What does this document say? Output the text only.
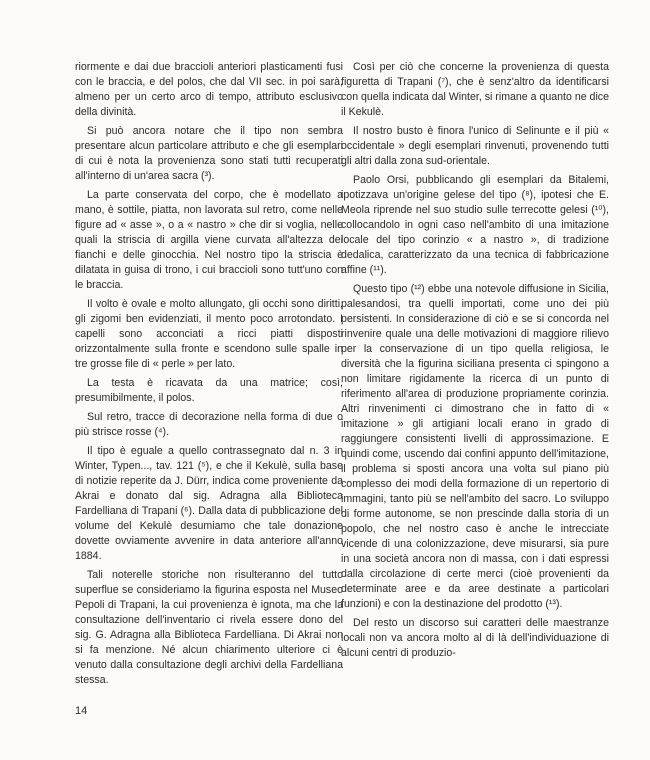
riormente e dai due braccioli anteriori plasticamenti fusi con le braccia, e del polos, che dal VII sec. in poi sarà, almeno per un certo arco di tempo, attributo esclusivo della divinità.

Si può ancora notare che il tipo non sembra presentare alcun particolare attributo e che gli esemplari di cui è nota la provenienza sono stati tutti recuperati all'interno di un'area sacra (³).

La parte conservata del corpo, che è modellato a mano, è sottile, piatta, non lavorata sul retro, come nelle figure ad « asse », o a « nastro » che dir si voglia, nelle quali la striscia di argilla viene curvata all'altezza dei fianchi e delle ginocchia. Nel nostro tipo la striscia è dilatata in guisa di trono, i cui braccioli sono tutt'uno con le braccia.

Il volto è ovale e molto allungato, gli occhi sono diritti, gli zigomi ben evidenziati, il mento poco arrotondato. I capelli sono acconciati a ricci piatti disposti orizzontalmente sulla fronte e scendono sulle spalle in tre grosse file di « perle » per lato.

La testa è ricavata da una matrice; così, presumibilmente, il polos.

Sul retro, tracce di decorazione nella forma di due o più strisce rosse (⁴).

Il tipo è eguale a quello contrassegnato dal n. 3 in Winter, Typen..., tav. 121 (⁵), e che il Kekulè, sulla base di notizie reperite da J. Dürr, indica come proveniente da Akrai e donato dal sig. Adragna alla Biblioteca Fardelliana di Trapani (⁶). Dalla data di pubblicazione del volume del Kekulè desumiamo che tale donazione dovette ovviamente avvenire in data anteriore all'anno 1884.

Tali noterelle storiche non risulteranno del tutto superflue se consideriamo la figurina esposta nel Museo Pepoli di Trapani, la cui provenienza è ignota, ma che la consultazione dell'inventario ci rivela essere dono del sig. G. Adragna alla Biblioteca Fardelliana. Di Akrai non si fa menzione. Né alcun chiarimento ulteriore ci è venuto dalla consultazione degli archivi della Fardelliana stessa.

Così per ciò che concerne la provenienza di questa figuretta di Trapani (⁷), che è senz'altro da identificarsi con quella indicata dal Winter, si rimane a quanto ne dice il Kekulè.

Il nostro busto è finora l'unico di Selinunte e il più « occidentale » degli esemplari rinvenuti, provenendo tutti gli altri dalla zona sud-orientale.

Paolo Orsi, pubblicando gli esemplari da Bitalemi, ipotizzava un'origine gelese del tipo (⁸), ipotesi che E. Meola riprende nel suo studio sulle terrecotte gelesi (¹⁰), collocandolo in ogni caso nell'ambito di una imitazione locale del tipo corinzio « a nastro », di tradizione dedalica, caratterizzato da una tecnica di fabbricazione affine (¹¹).

Questo tipo (¹²) ebbe una notevole diffusione in Sicilia, palesandosi, tra quelli importati, come uno dei più persistenti. In considerazione di ciò e se si concorda nel rinvenire quale una delle motivazioni di maggiore rilievo per la conservazione di un tipo quella religiosa, le diversità che la figurina siciliana presenta ci spingono a non limitare rigidamente la ricerca di un punto di riferimento all'area di produzione propriamente corinzia. Altri rinvenimenti ci dimostrano che in fatto di « imitazione » gli artigiani locali erano in grado di raggiungere consistenti livelli di approssimazione. E quindi come, uscendo dai confini appunto dell'imitazione, il problema si sposti ancora una volta sul piano più complesso dei modi della formazione di un repertorio di immagini, tanto più se nell'ambito del sacro. Lo sviluppo di forme autonome, se non prescinde dalla storia di un popolo, che nel nostro caso è anche le intrecciate vicende di una colonizzazione, deve misurarsi, sia pure in una società ancora non di massa, con i dati espressi dalla circolazione di certe merci (cioè provenienti da determinate aree e da aree destinate a particolari funzioni) e con la destinazione del prodotto (¹³).

Del resto un discorso sui caratteri delle maestranze locali non va ancora molto al di là dell'individuazione di alcuni centri di produzio-

14
